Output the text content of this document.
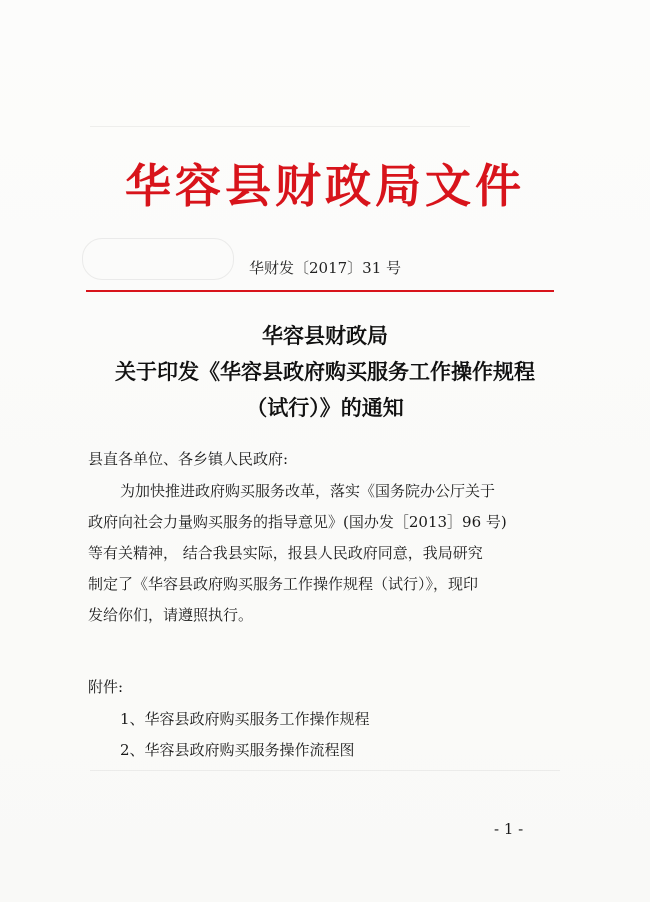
华容县财政局文件
华财发〔2017〕31 号
华容县财政局
关于印发《华容县政府购买服务工作操作规程
（试行）》的通知
县直各单位、各乡镇人民政府:
为加快推进政府购买服务改革，落实《国务院办公厅关于
政府向社会力量购买服务的指导意见》(国办发［2013］96 号)
等有关精神， 结合我县实际，报县人民政府同意，我局研究
制定了《华容县政府购买服务工作操作规程（试行）》，现印
发给你们，请遵照执行。
附件:
1、华容县政府购买服务工作操作规程
2、华容县政府购买服务操作流程图
- 1 -
